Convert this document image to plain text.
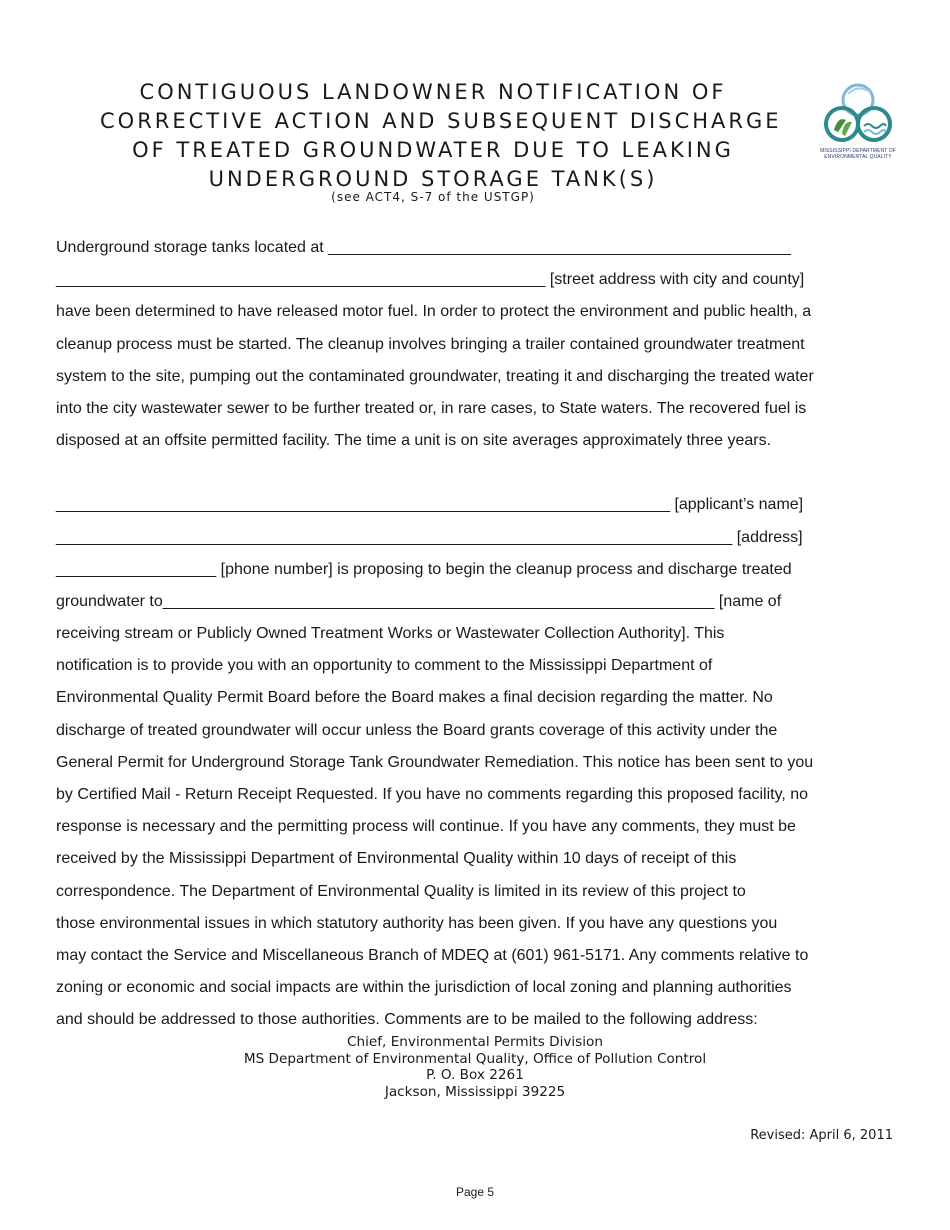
CONTIGUOUS LANDOWNER NOTIFICATION OF
CORRECTIVE ACTION AND SUBSEQUENT DISCHARGE
OF TREATED GROUNDWATER DUE TO LEAKING
UNDERGROUND STORAGE TANK(S)
(see ACT4, S-7 of the USTGP)
MISSISSIPPI DEPARTMENT OF
ENVIRONMENTAL QUALITY
Underground storage tanks located at ____________________________________________________
_______________________________________________________ [street address with city and county]
have been determined to have released motor fuel. In order to protect the environment and public health, a
cleanup process must be started. The cleanup involves bringing a trailer contained groundwater treatment
system to the site, pumping out the contaminated groundwater, treating it and discharging the treated water
into the city wastewater sewer to be further treated or, in rare cases, to State waters. The recovered fuel is
disposed at an offsite permitted facility. The time a unit is on site averages approximately three years.
_____________________________________________________________________ [applicant’s name]
____________________________________________________________________________ [address]
__________________ [phone number] is proposing to begin the cleanup process and discharge treated
groundwater to______________________________________________________________ [name of
receiving stream or Publicly Owned Treatment Works or Wastewater Collection Authority]. This
notification is to provide you with an opportunity to comment to the Mississippi Department of
Environmental Quality Permit Board before the Board makes a final decision regarding the matter. No
discharge of treated groundwater will occur unless the Board grants coverage of this activity under the
General Permit for Underground Storage Tank Groundwater Remediation. This notice has been sent to you
by Certified Mail - Return Receipt Requested. If you have no comments regarding this proposed facility, no
response is necessary and the permitting process will continue. If you have any comments, they must be
received by the Mississippi Department of Environmental Quality within 10 days of receipt of this
correspondence. The Department of Environmental Quality is limited in its review of this project to
those environmental issues in which statutory authority has been given. If you have any questions you
may contact the Service and Miscellaneous Branch of MDEQ at (601) 961-5171. Any comments relative to
zoning or economic and social impacts are within the jurisdiction of local zoning and planning authorities
and should be addressed to those authorities. Comments are to be mailed to the following address:
Chief, Environmental Permits Division
MS Department of Environmental Quality, Office of Pollution Control
P. O. Box 2261
Jackson, Mississippi 39225
Revised: April 6, 2011
Page 5
